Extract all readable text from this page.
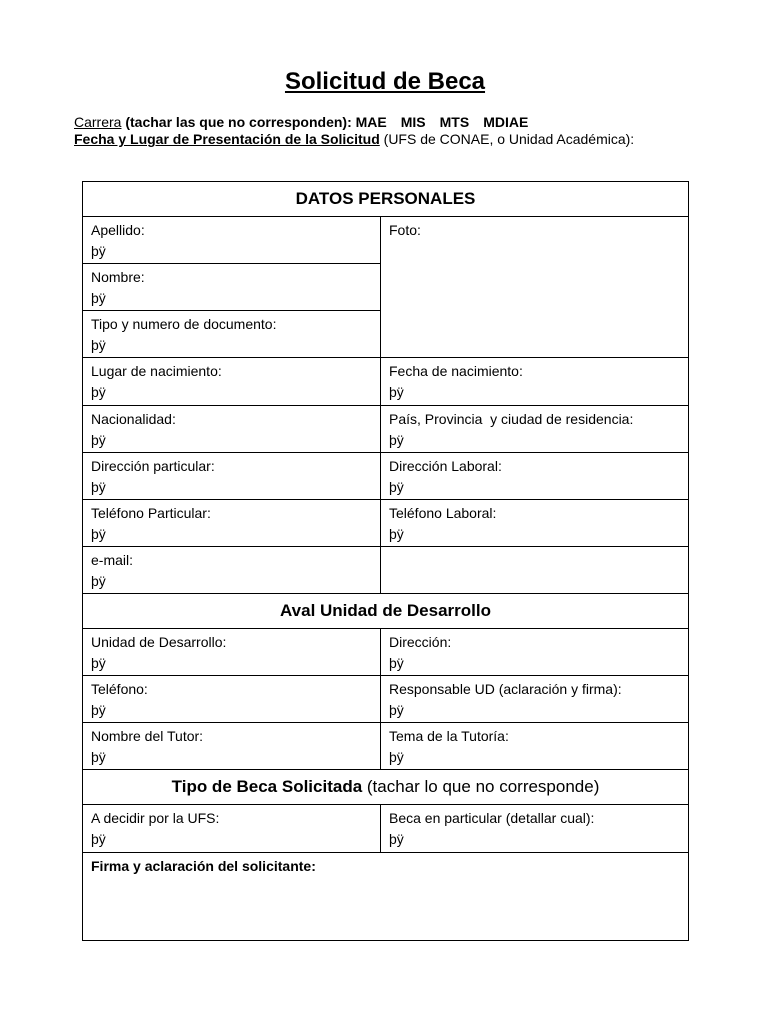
Solicitud de Beca
Carrera (tachar las que no corresponden): MAE MIS MTS MDIAE
Fecha y Lugar de Presentación de la Solicitud (UFS de CONAE, o Unidad Académica):
DATOS PERSONALES	

Apellido:
þÿ	Foto:

Nombre:
þÿ	

Tipo y numero de documento:
þÿ	

Lugar de nacimiento:
þÿ	Fecha de nacimiento:
þÿ

Nacionalidad:
þÿ	País, Provincia  y ciudad de residencia:
þÿ

Dirección particular:
þÿ	Dirección Laboral:
þÿ

Teléfono Particular:
þÿ	Teléfono Laboral:
þÿ

e-mail:
þÿ	

Aval Unidad de Desarrollo	

Unidad de Desarrollo:
þÿ	Dirección:
þÿ

Teléfono:
þÿ	Responsable UD (aclaración y firma):
þÿ

Nombre del Tutor:
þÿ	Tema de la Tutoría:
þÿ

Tipo de Beca Solicitada (tachar lo que no corresponde)	

A decidir por la UFS:
þÿ	Beca en particular (detallar cual):
þÿ

Firma y aclaración del solicitante:	
